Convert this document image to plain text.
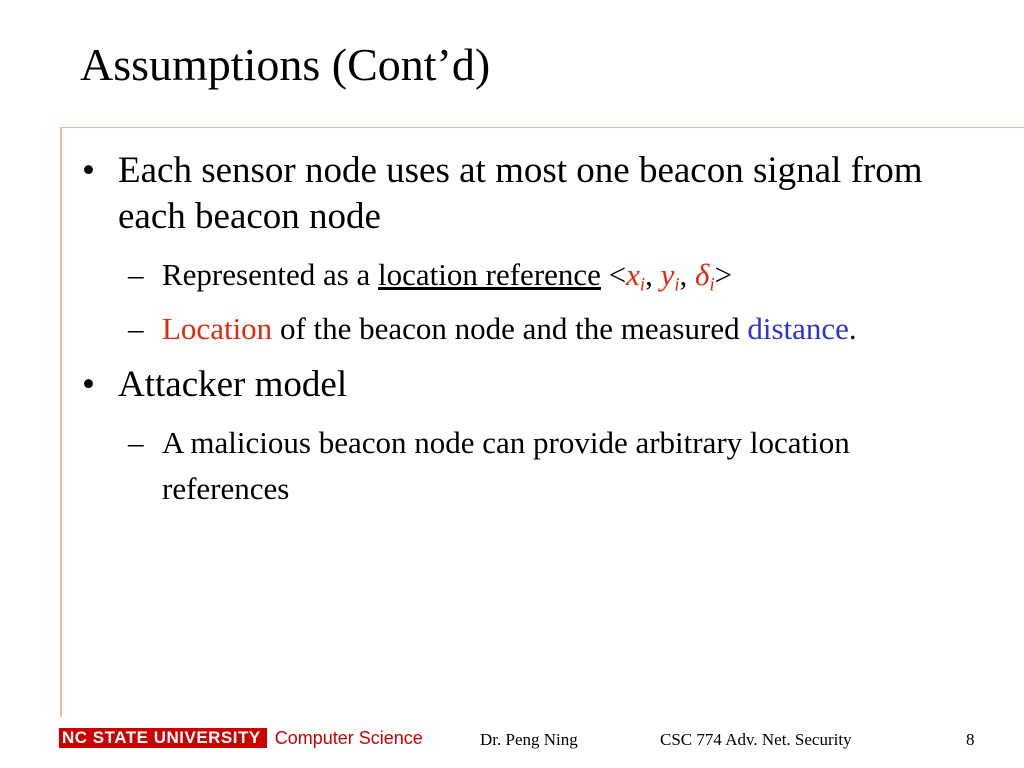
Assumptions (Cont’d)
• Each sensor node uses at most one beacon signal from each beacon node
– Represented as a location reference $<x_i$, $y_i$, $\delta_i>$
– Location of the beacon node and the measured distance.
• Attacker model
– A malicious beacon node can provide arbitrary location references
NC STATE UNIVERSITY Computer Science	Dr. Peng Ning	CSC 774 Adv. Net. Security	8
